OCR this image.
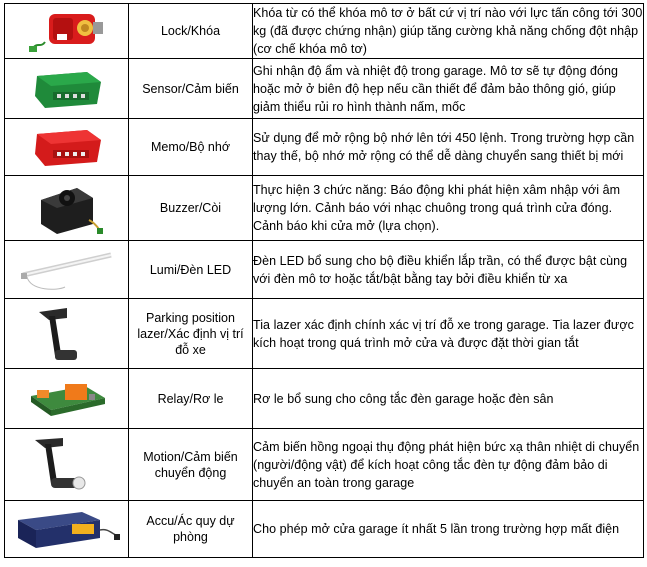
	Lock/Khóa	Khóa từ có thể khóa mô tơ ở bất cứ vị trí nào với lực tấn công tới 300 kg (đã được chứng nhận) giúp tăng cường khả năng chống đột nhập (cơ chế khóa mô tơ)

	Sensor/Cảm biến	Ghi nhận độ ẩm và nhiệt độ trong garage. Mô tơ sẽ tự động đóng hoặc mở ở biên độ hẹp nếu cần thiết để đảm bảo thông gió, giúp giảm thiểu rủi ro hình thành nấm, mốc

	Memo/Bộ nhớ	Sử dụng để mở rộng bộ nhớ lên tới 450 lệnh. Trong trường hợp cần thay thế, bộ nhớ mở rộng có thể dễ dàng chuyển sang thiết bị mới

	Buzzer/Còi	Thực hiện 3 chức năng: Báo động khi phát hiện xâm nhập với âm lượng lớn. Cảnh báo với nhạc chuông trong quá trình cửa đóng. Cảnh báo khi cửa mở (lựa chọn).

	Lumi/Đèn LED	Đèn LED bổ sung cho bộ điều khiển lắp trần, có thể được bật cùng với đèn mô tơ hoặc tắt/bật bằng tay bởi điều khiển từ xa

	Parking position lazer/Xác định vị trí đỗ xe	Tia lazer xác định chính xác vị trí đỗ xe trong garage. Tia lazer được kích hoạt trong quá trình mở cửa và được đặt thời gian tắt

	Relay/Rơ le	Rơ le bổ sung cho công tắc đèn garage hoặc đèn sân

	Motion/Cảm biến chuyển động	Cảm biến hồng ngoại thụ động phát hiện bức xạ thân nhiệt di chuyển (người/động vật) để kích hoạt công tắc đèn tự động đảm bảo di chuyển an toàn trong garage

	Accu/Ác quy dự phòng	Cho phép mở cửa garage ít nhất 5 lần trong trường hợp mất điện
